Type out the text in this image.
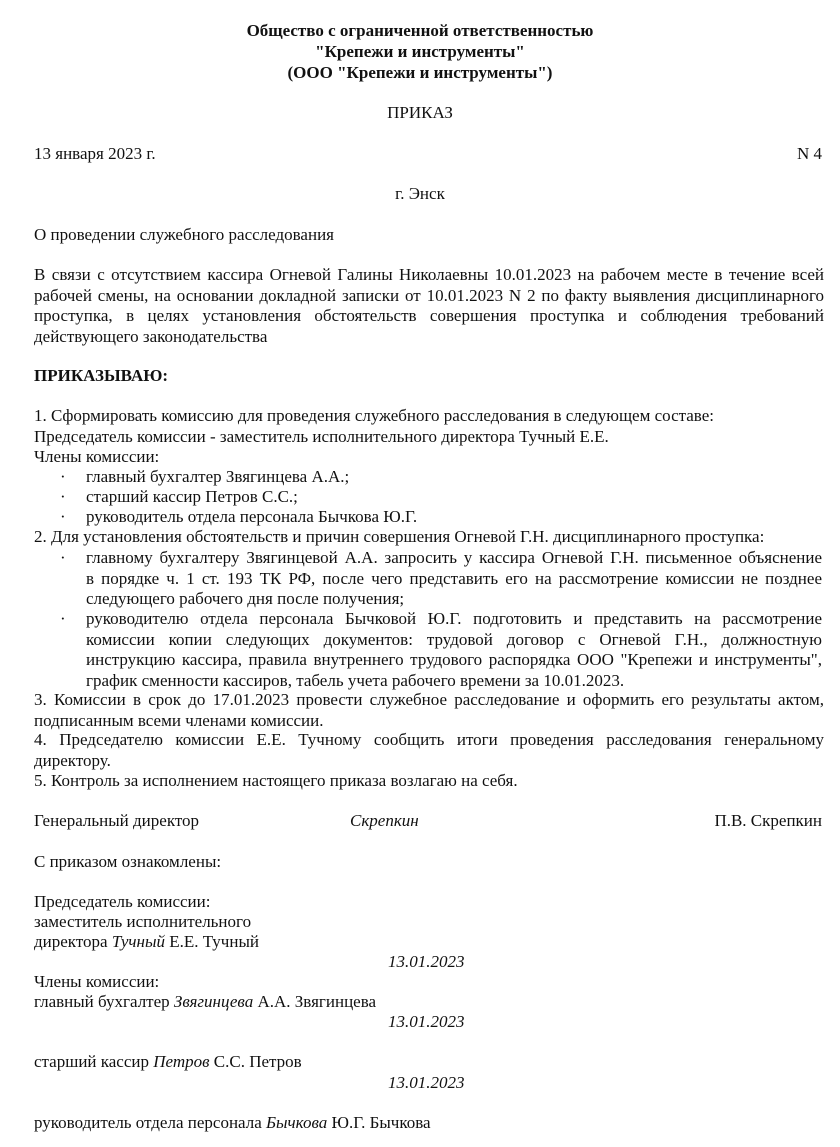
Общество с ограниченной ответственностью
"Крепежи и инструменты"
(ООО "Крепежи и инструменты")
ПРИКАЗ
13 января 2023 г.	N 4
г. Энск
О проведении служебного расследования
В связи с отсутствием кассира Огневой Галины Николаевны 10.01.2023 на рабочем месте в течение всей
рабочей смены, на основании докладной записки от 10.01.2023 N 2 по факту выявления дисциплинарного
проступка, в целях установления обстоятельств совершения проступка и соблюдения требований
действующего законодательства
ПРИКАЗЫВАЮ:
1. Сформировать комиссию для проведения служебного расследования в следующем составе:
Председатель комиссии - заместитель исполнительного директора Тучный Е.Е.
Члены комиссии:
· главный бухгалтер Звягинцева А.А.;
· старший кассир Петров С.С.;
· руководитель отдела персонала Бычкова Ю.Г.
2. Для установления обстоятельств и причин совершения Огневой Г.Н. дисциплинарного проступка:
· главному бухгалтеру Звягинцевой А.А. запросить у кассира Огневой Г.Н. письменное объяснение
в порядке ч. 1 ст. 193 ТК РФ, после чего представить его на рассмотрение комиссии не позднее
следующего рабочего дня после получения;
· руководителю отдела персонала Бычковой Ю.Г. подготовить и представить на рассмотрение
комиссии копии следующих документов: трудовой договор с Огневой Г.Н., должностную
инструкцию кассира, правила внутреннего трудового распорядка ООО "Крепежи и инструменты",
график сменности кассиров, табель учета рабочего времени за 10.01.2023.
3. Комиссии в срок до 17.01.2023 провести служебное расследование и оформить его результаты актом,
подписанным всеми членами комиссии.
4. Председателю комиссии Е.Е. Тучному сообщить итоги проведения расследования генеральному
директору.
5. Контроль за исполнением настоящего приказа возлагаю на себя.
Генеральный директор	Скрепкин	П.В. Скрепкин
С приказом ознакомлены:
Председатель комиссии:
заместитель исполнительного
директора Тучный Е.Е. Тучный
13.01.2023
Члены комиссии:
главный бухгалтер Звягинцева А.А. Звягинцева
13.01.2023
старший кассир Петров С.С. Петров
13.01.2023
руководитель отдела персонала Бычкова Ю.Г. Бычкова
